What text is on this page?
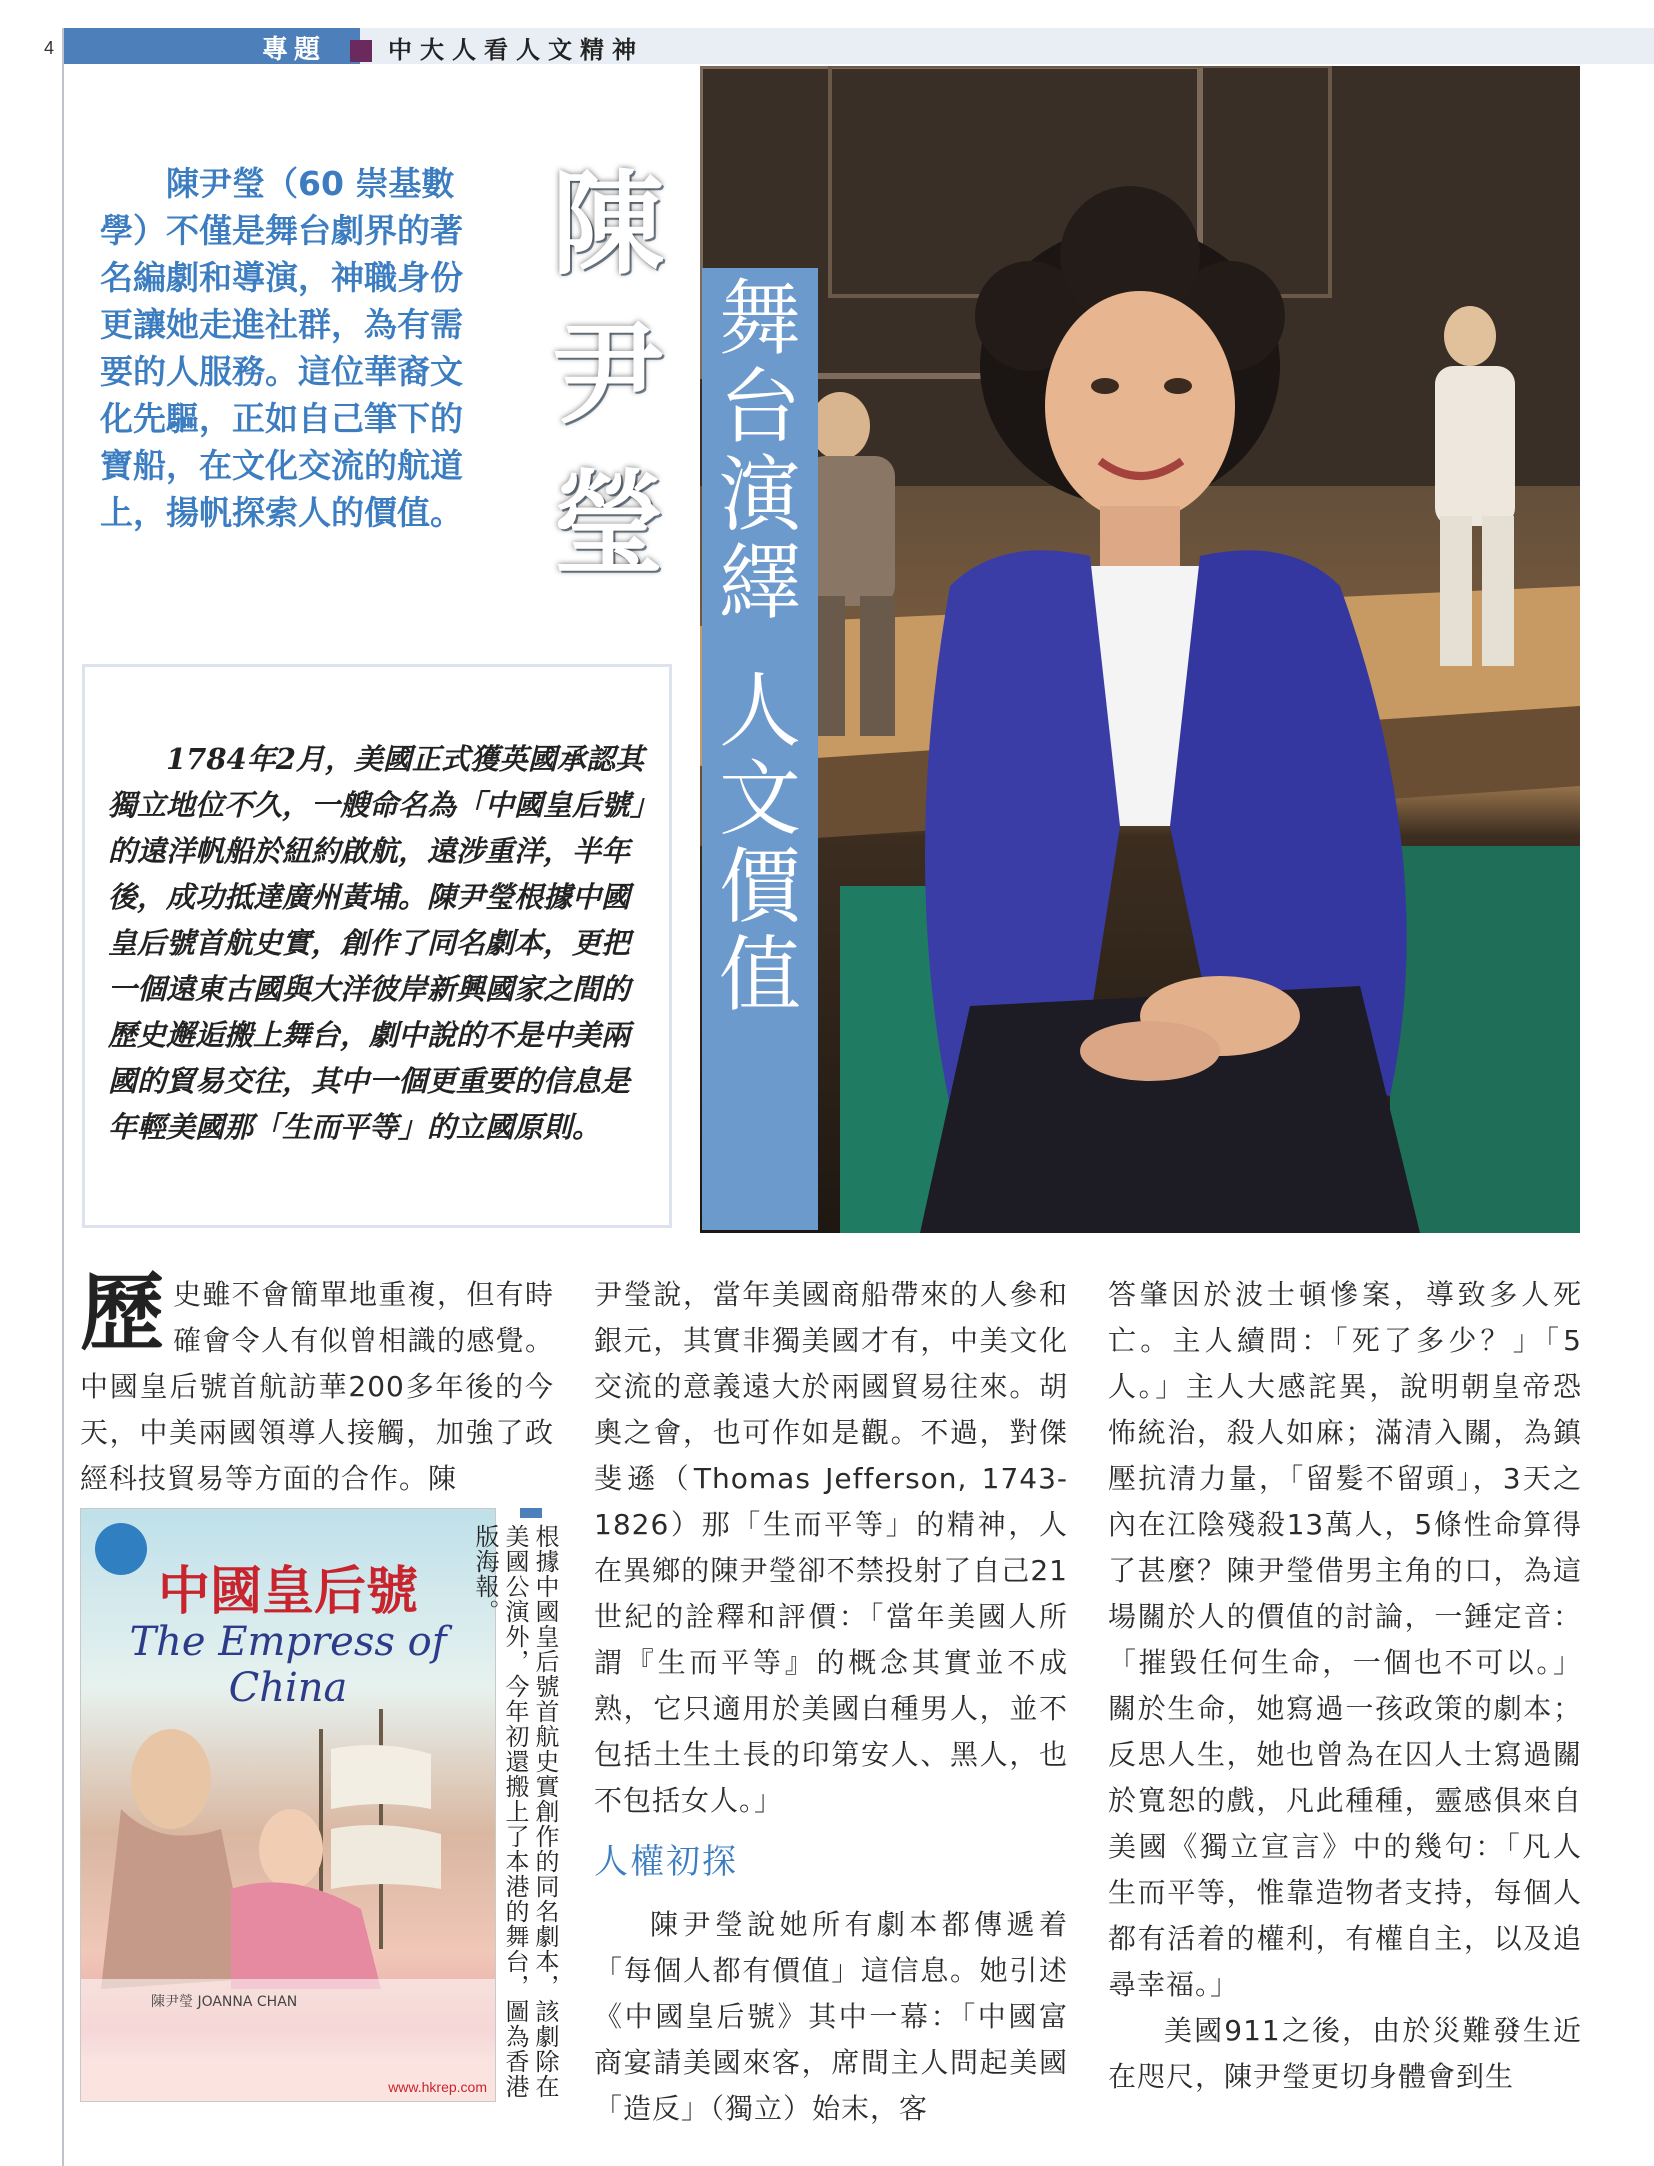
4	專題	中大人看人文精神
舞
台
演
繹
人
文
價
值
陳
尹
瑩
陳尹瑩（60 崇基數學）不僅是舞台劇界的著名編劇和導演，神職身份更讓她走進社群，為有需要的人服務。這位華裔文化先驅，正如自己筆下的寶船，在文化交流的航道上，揚帆探索人的價值。
1784年2月，美國正式獲英國承認其獨立地位不久，一艘命名為「中國皇后號」的遠洋帆船於紐約啟航，遠涉重洋，半年後，成功抵達廣州黃埔。陳尹瑩根據中國皇后號首航史實，創作了同名劇本，更把一個遠東古國與大洋彼岸新興國家之間的歷史邂逅搬上舞台，劇中說的不是中美兩國的貿易交往，其中一個更重要的信息是年輕美國那「生而平等」的立國原則。
歷史雖不會簡單地重複，但有時確會令人有似曾相識的感覺。中國皇后號首航訪華200多年後的今天，中美兩國領導人接觸，加強了政經科技貿易等方面的合作。陳
中國皇后號
The Empress of China
陳尹瑩 JOANNA CHAN
www.hkrep.com	根據中國皇后號首航史實創作的同名劇本，該劇除在美國公演外，今年初還搬上了本港的舞台，圖為香港版海報。
尹瑩說，當年美國商船帶來的人參和銀元，其實非獨美國才有，中美文化交流的意義遠大於兩國貿易往來。胡奧之會，也可作如是觀。不過，對傑斐遜（Thomas Jefferson, 1743-1826）那「生而平等」的精神，人在異鄉的陳尹瑩卻不禁投射了自己21世紀的詮釋和評價：「當年美國人所謂『生而平等』的概念其實並不成熟，它只適用於美國白種男人，並不包括土生土長的印第安人、黑人，也不包括女人。」
人權初探
陳尹瑩說她所有劇本都傳遞着「每個人都有價值」這信息。她引述《中國皇后號》其中一幕：「中國富商宴請美國來客，席間主人問起美國「造反」（獨立）始末，客
答肇因於波士頓慘案，導致多人死亡。主人續問：「死了多少？」「5人。」主人大感詫異，說明朝皇帝恐怖統治，殺人如麻；滿清入關，為鎮壓抗清力量，「留髮不留頭」，3天之內在江陰殘殺13萬人，5條性命算得了甚麼？陳尹瑩借男主角的口，為這場關於人的價值的討論，一錘定音：「摧毀任何生命，一個也不可以。」關於生命，她寫過一孩政策的劇本；反思人生，她也曾為在囚人士寫過關於寬恕的戲，凡此種種，靈感俱來自美國《獨立宣言》中的幾句：「凡人生而平等，惟靠造物者支持，每個人都有活着的權利，有權自主，以及追尋幸福。」
美國911之後，由於災難發生近在咫尺，陳尹瑩更切身體會到生
